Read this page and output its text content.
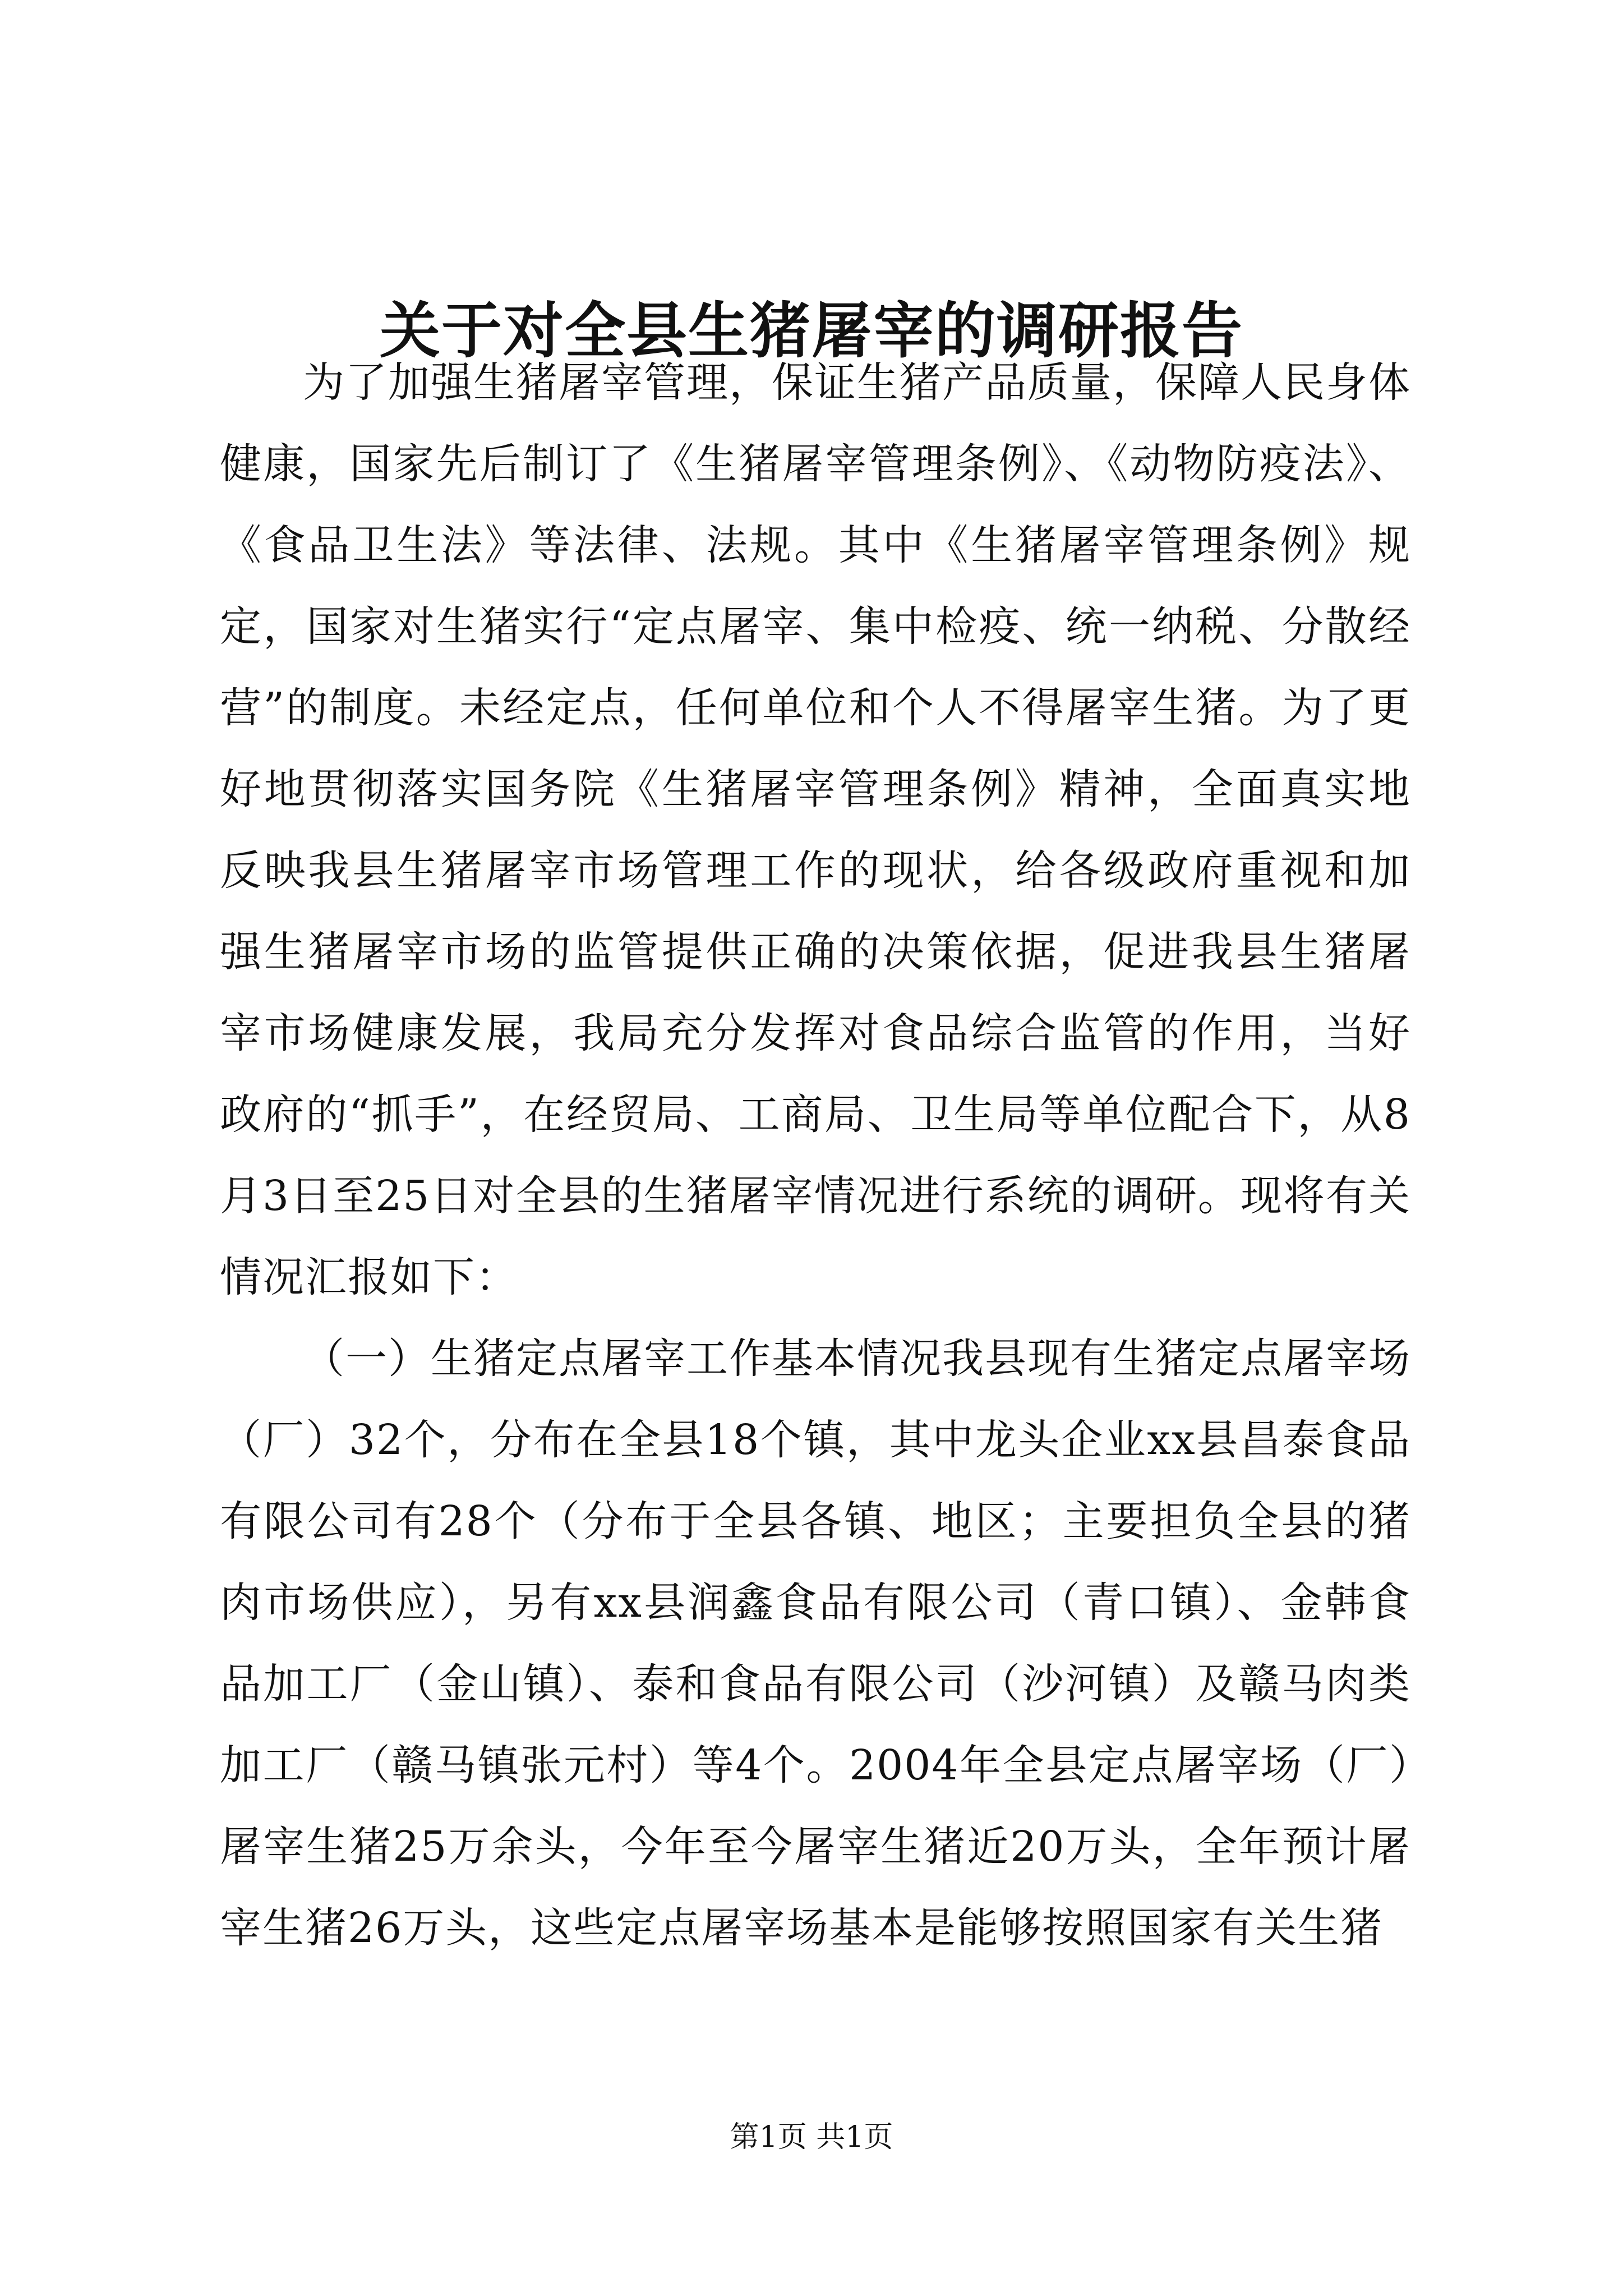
关于对全县生猪屠宰的调研报告

为了加强生猪屠宰管理，保证生猪产品质量，保障人民身体健康，国家先后制订了《生猪屠宰管理条例》、《动物防疫法》、《食品卫生法》等法律、法规。其中《生猪屠宰管理条例》规定，国家对生猪实行“定点屠宰、集中检疫、统一纳税、分散经营”的制度。未经定点，任何单位和个人不得屠宰生猪。为了更好地贯彻落实国务院《生猪屠宰管理条例》精神，全面真实地反映我县生猪屠宰市场管理工作的现状，给各级政府重视和加强生猪屠宰市场的监管提供正确的决策依据，促进我县生猪屠宰市场健康发展，我局充分发挥对食品综合监管的作用，当好政府的“抓手”，在经贸局、工商局、卫生局等单位配合下，从8月3日至25日对全县的生猪屠宰情况进行系统的调研。现将有关情况汇报如下：

（一）生猪定点屠宰工作基本情况我县现有生猪定点屠宰场（厂）32个，分布在全县18个镇，其中龙头企业xx县昌泰食品有限公司有28个（分布于全县各镇、地区；主要担负全县的猪肉市场供应），另有xx县润鑫食品有限公司（青口镇）、金韩食品加工厂（金山镇）、泰和食品有限公司（沙河镇）及赣马肉类加工厂（赣马镇张元村）等4个。2004年全县定点屠宰场（厂）屠宰生猪25万余头，今年至今屠宰生猪近20万头，全年预计屠宰生猪26万头，这些定点屠宰场基本是能够按照国家有关生猪

第1页 共1页
